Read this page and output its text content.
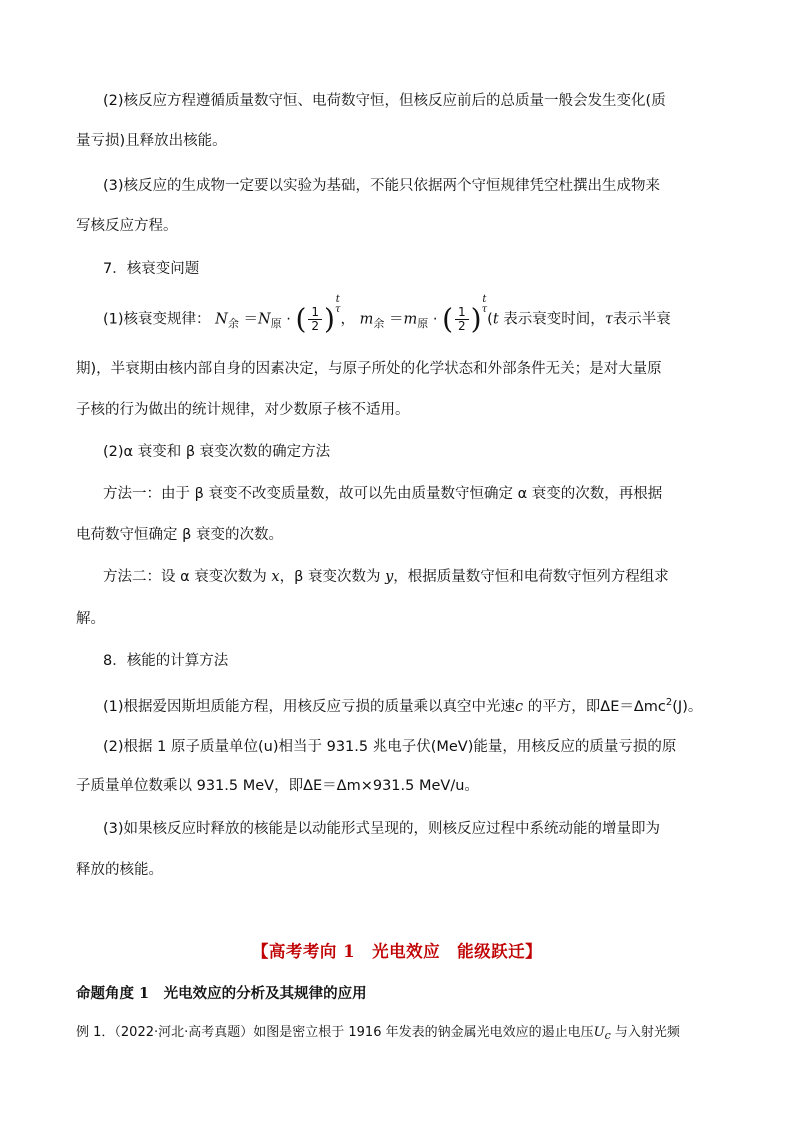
(2)核反应方程遵循质量数守恒、电荷数守恒，但核反应前后的总质量一般会发生变化(质
量亏损)且释放出核能。
(3)核反应的生成物一定要以实验为基础，不能只依据两个守恒规律凭空杜撰出生成物来
写核反应方程。
7．核衰变问题
(1)核衰变规律： $N_余 =N_原$ · ( $\frac{1}{2}$ )
t
τ
， $m_余 =m_原$ · ( $\frac{1}{2}$ )
t
τ
(t 表示衰变时间，τ表示半衰
期)，半衰期由核内部自身的因素决定，与原子所处的化学状态和外部条件无关；是对大量原
子核的行为做出的统计规律，对少数原子核不适用。
(2)α 衰变和 β 衰变次数的确定方法
方法一：由于 β 衰变不改变质量数，故可以先由质量数守恒确定 α 衰变的次数，再根据
电荷数守恒确定 β 衰变的次数。
方法二：设 α 衰变次数为 x，β 衰变次数为 y，根据质量数守恒和电荷数守恒列方程组求
解。
8．核能的计算方法
(1)根据爱因斯坦质能方程，用核反应亏损的质量乘以真空中光速c 的平方，即ΔE＝Δmc$^2$(J)。
(2)根据 1 原子质量单位(u)相当于 931.5 兆电子伏(MeV)能量，用核反应的质量亏损的原
子质量单位数乘以 931.5 MeV，即ΔE＝Δm×931.5 MeV/u。
(3)如果核反应时释放的核能是以动能形式呈现的，则核反应过程中系统动能的增量即为
释放的核能。
【高考考向 1　光电效应　能级跃迁】
命题角度 1　光电效应的分析及其规律的应用
例 1．（2022·河北·高考真题）如图是密立根于 1916 年发表的钠金属光电效应的遏止电压$U_c$ 与入射光频
